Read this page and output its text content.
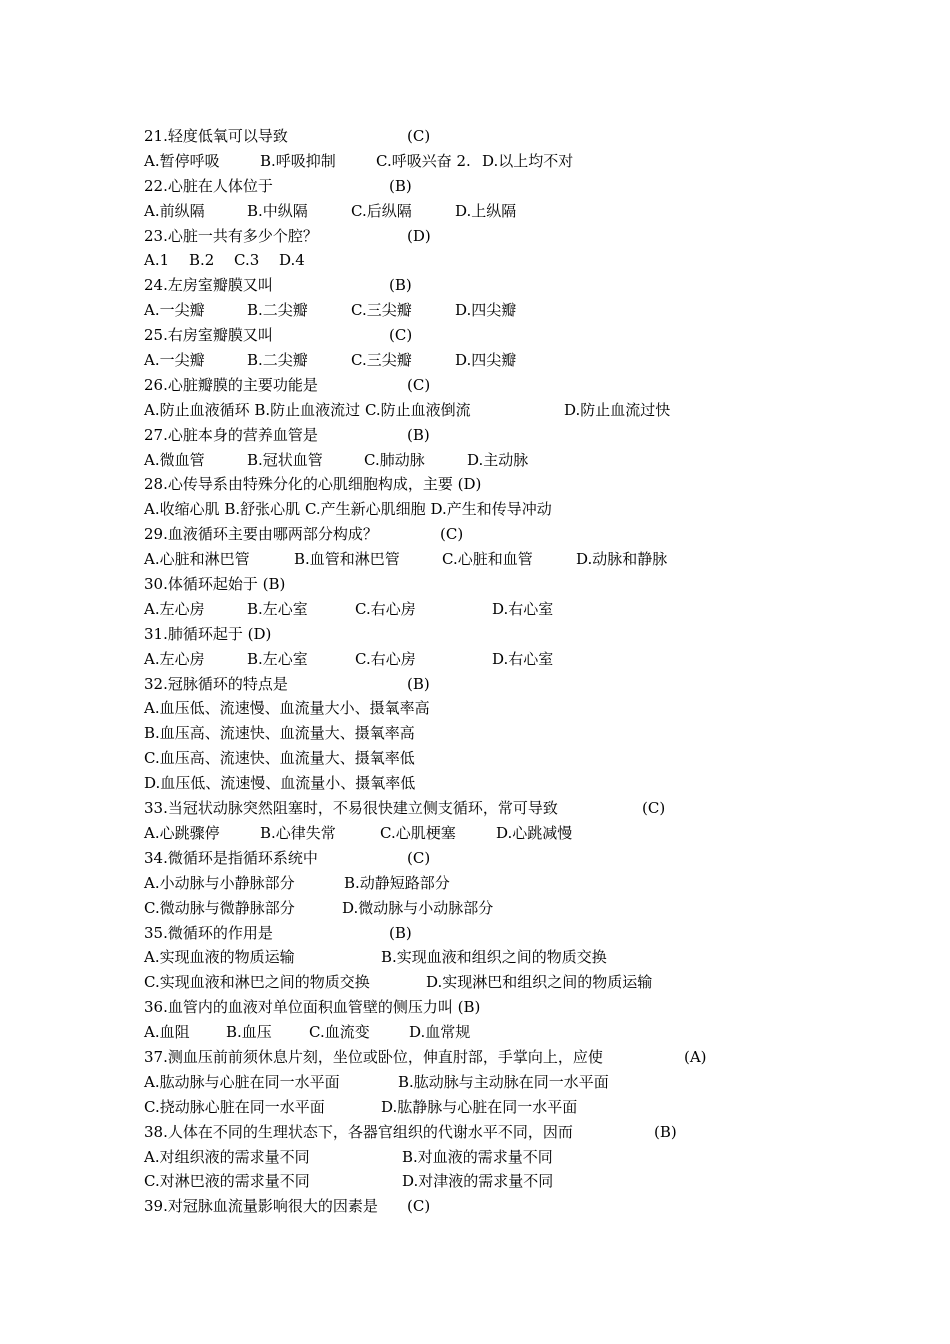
21.轻度低氧可以导致	(C)
A.暂停呼吸	B.呼吸抑制	C.呼吸兴奋 2. D.以上均不对
22.心脏在人体位于	(B)
A.前纵隔	B.中纵隔	C.后纵隔	D.上纵隔
23.心脏一共有多少个腔？	(D)
A.1 B.2 C.3 D.4
24.左房室瓣膜又叫	(B)
A.一尖瓣	B.二尖瓣	C.三尖瓣	D.四尖瓣
25.右房室瓣膜又叫	(C)
A.一尖瓣	B.二尖瓣	C.三尖瓣	D.四尖瓣
26.心脏瓣膜的主要功能是	(C)
A.防止血液循环 B.防止血液流过 C.防止血液倒流	D.防止血流过快
27.心脏本身的营养血管是	(B)
A.微血管	B.冠状血管	C.肺动脉	D.主动脉
28.心传导系由特殊分化的心肌细胞构成，主要 (D)
A.收缩心肌 B.舒张心肌 C.产生新心肌细胞 D.产生和传导冲动
29.血液循环主要由哪两部分构成？	(C)
A.心脏和淋巴管	B.血管和淋巴管	C.心脏和血管	D.动脉和静脉
30.体循环起始于 (B)
A.左心房	B.左心室	C.右心房	D.右心室
31.肺循环起于 (D)
A.左心房	B.左心室	C.右心房	D.右心室
32.冠脉循环的特点是	(B)
A.血压低、流速慢、血流量大小、摄氧率高
B.血压高、流速快、血流量大、摄氧率高
C.血压高、流速快、血流量大、摄氧率低
D.血压低、流速慢、血流量小、摄氧率低
33.当冠状动脉突然阻塞时，不易很快建立侧支循环，常可导致	(C)
A.心跳骤停	B.心律失常	C.心肌梗塞	D.心跳减慢
34.微循环是指循环系统中	(C)
A.小动脉与小静脉部分	B.动静短路部分
C.微动脉与微静脉部分	D.微动脉与小动脉部分
35.微循环的作用是	(B)
A.实现血液的物质运输	B.实现血液和组织之间的物质交换
C.实现血液和淋巴之间的物质交换	D.实现淋巴和组织之间的物质运输
36.血管内的血液对单位面积血管壁的侧压力叫 (B)
A.血阻 B.血压 C.血流变	D.血常规
37.测血压前前须休息片刻，坐位或卧位，伸直肘部，手掌向上，应使	(A)
A.肱动脉与心脏在同一水平面	B.肱动脉与主动脉在同一水平面
C.挠动脉心脏在同一水平面	D.肱静脉与心脏在同一水平面
38.人体在不同的生理状态下，各器官组织的代谢水平不同，因而	(B)
A.对组织液的需求量不同	B.对血液的需求量不同
C.对淋巴液的需求量不同	D.对津液的需求量不同
39.对冠脉血流量影响很大的因素是 (C)
